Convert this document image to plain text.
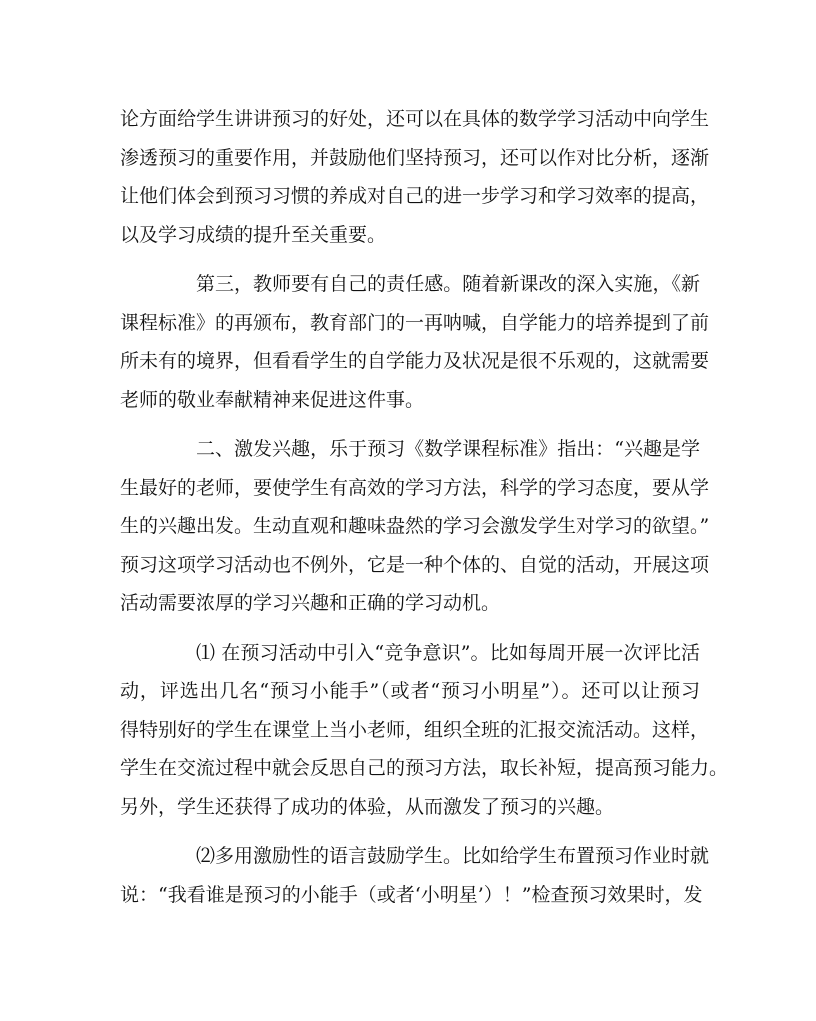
论方面给学生讲讲预习的好处，还可以在具体的数学学习活动中向学生
渗透预习的重要作用，并鼓励他们坚持预习，还可以作对比分析，逐渐
让他们体会到预习习惯的养成对自己的进一步学习和学习效率的提高，
以及学习成绩的提升至关重要。
第三，教师要有自己的责任感。随着新课改的深入实施，《新
课程标准》的再颁布，教育部门的一再呐喊，自学能力的培养提到了前
所未有的境界，但看看学生的自学能力及状况是很不乐观的，这就需要
老师的敬业奉献精神来促进这件事。
二、激发兴趣，乐于预习《数学课程标准》指出：“兴趣是学
生最好的老师，要使学生有高效的学习方法，科学的学习态度，要从学
生的兴趣出发。生动直观和趣味盎然的学习会激发学生对学习的欲望。”
预习这项学习活动也不例外，它是一种个体的、自觉的活动，开展这项
活动需要浓厚的学习兴趣和正确的学习动机。
⑴ 在预习活动中引入“竞争意识”。比如每周开展一次评比活
动，评选出几名“预习小能手”（或者“预习小明星”）。还可以让预习
得特别好的学生在课堂上当小老师，组织全班的汇报交流活动。这样，
学生在交流过程中就会反思自己的预习方法，取长补短，提高预习能力。
另外，学生还获得了成功的体验，从而激发了预习的兴趣。
⑵多用激励性的语言鼓励学生。比如给学生布置预习作业时就
说：“我看谁是预习的小能手（或者‘小明星’）！”检查预习效果时，发
